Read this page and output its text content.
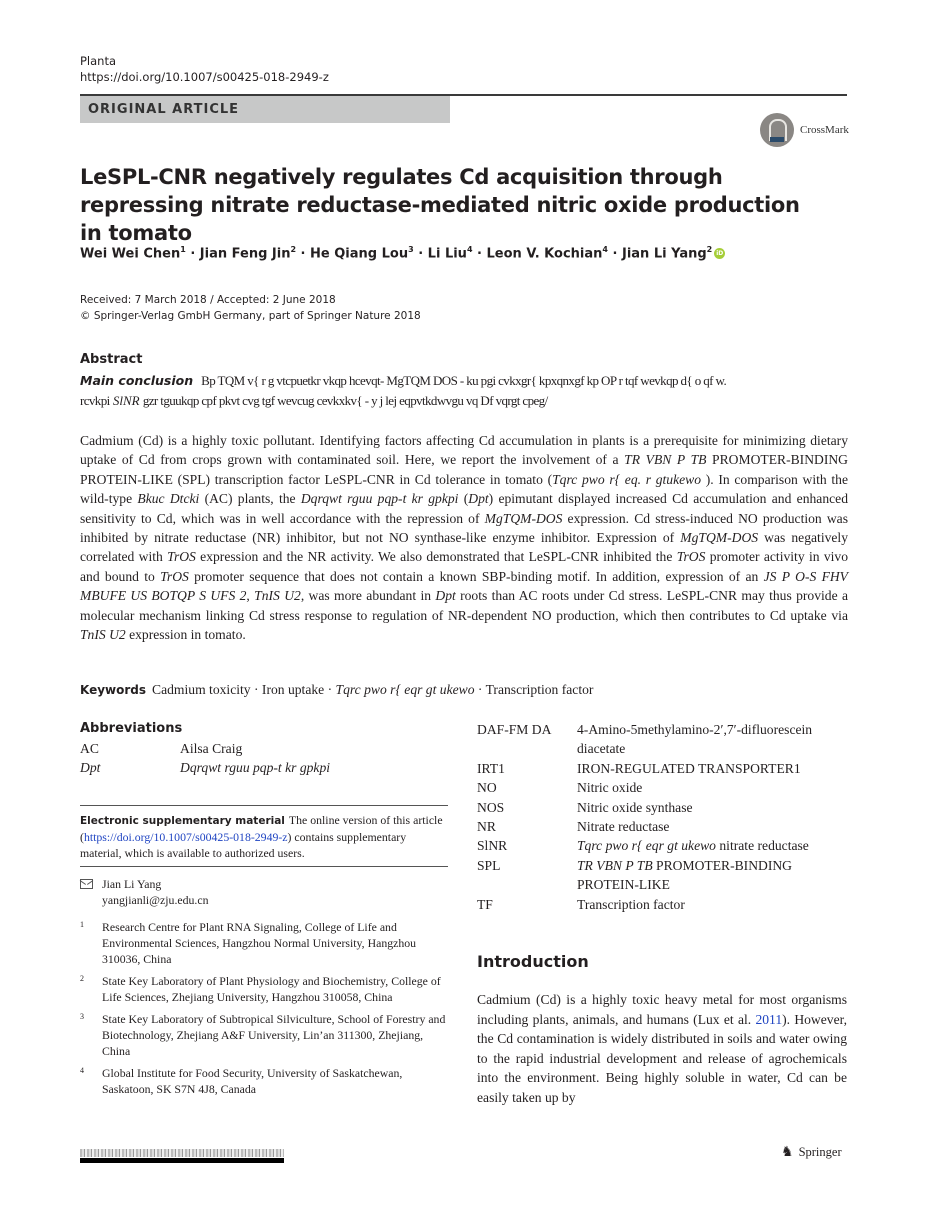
Planta
https://doi.org/10.1007/s00425-018-2949-z
ORIGINAL ARTICLE
CrossMark
LeSPL-CNR negatively regulates Cd acquisition through repressing nitrate reductase-mediated nitric oxide production in tomato
Wei Wei Chen$^1$ · Jian Feng Jin$^2$ · He Qiang Lou$^3$ · Li Liu$^4$ · Leon V. Kochian$^4$ · Jian Li Yang$^2$ iD
Received: 7 March 2018 / Accepted: 2 June 2018
© Springer-Verlag GmbH Germany, part of Springer Nature 2018
Abstract
Main conclusion Bp TQM v{ r g vtcpuetkr vkqp hcevqt- MgTQM DOS - ku pgi cvkxgr{ kpxqnxgf kp OP r tqf wevkqp d{ o qf w.
rcvkpi SlNR gzr tguukqp cpf pkvt cvg tgf wevcug cevkxkv{ - y j lej eqpvtkdwvgu vq Df vqrgt cpeg/

Cadmium (Cd) is a highly toxic pollutant. Identifying factors affecting Cd accumulation in plants is a prerequisite for minimizing dietary uptake of Cd from crops grown with contaminated soil. Here, we report the involvement of a TR VBN P TB PROMOTER-BINDING PROTEIN-LIKE (SPL) transcription factor LeSPL-CNR in Cd tolerance in tomato (Tqrc pwo r{ eq. r gtukewo ). In comparison with the wild-type Bkuc Dtcki (AC) plants, the Dqrqwt rguu pqp-t kr gpkpi (Dpt) epimutant displayed increased Cd accumulation and enhanced sensitivity to Cd, which was in well accordance with the repression of MgTQM-DOS expression. Cd stress-induced NO production was inhibited by nitrate reductase (NR) inhibitor, but not NO synthase-like enzyme inhibitor. Expression of MgTQM-DOS was negatively correlated with TrOS expression and the NR activity. We also demonstrated that LeSPL-CNR inhibited the TrOS promoter activity in vivo and bound to TrOS promoter sequence that does not contain a known SBP-binding motif. In addition, expression of an JS P O-S FHV MBUFE US BOTQP S UFS 2, TnIS U2, was more abundant in Dpt roots than AC roots under Cd stress. LeSPL-CNR may thus provide a molecular mechanism linking Cd stress response to regulation of NR-dependent NO production, which then contributes to Cd uptake via TnIS U2 expression in tomato.

Keywords Cadmium toxicity · Iron uptake · Tqrc pwo r{ eqr gt ukewo · Transcription factor
Abbreviations
AC	Ailsa Craig
Dpt	Dqrqwt rguu pqp-t kr gpkpi
DAF-FM DA	4-Amino-5methylamino-2′,7′-difluorescein diacetate
IRT1	IRON-REGULATED TRANSPORTER1
NO	Nitric oxide
NOS	Nitric oxide synthase
NR	Nitrate reductase
SlNR	Tqrc pwo r{ eqr gt ukewo nitrate reductase
SPL	TR VBN P TB PROMOTER-BINDING PROTEIN-LIKE
TF	Transcription factor
Electronic supplementary material The online version of this article (https://doi.org/10.1007/s00425-018-2949-z) contains supplementary material, which is available to authorized users.
Jian Li Yang
yangjianli@zju.edu.cn
1 Research Centre for Plant RNA Signaling, College of Life and Environmental Sciences, Hangzhou Normal University, Hangzhou 310036, China
2 State Key Laboratory of Plant Physiology and Biochemistry, College of Life Sciences, Zhejiang University, Hangzhou 310058, China
3 State Key Laboratory of Subtropical Silviculture, School of Forestry and Biotechnology, Zhejiang A&F University, Lin’an 311300, Zhejiang, China
4 Global Institute for Food Security, University of Saskatchewan, Saskatoon, SK S7N 4J8, Canada
Introduction
Cadmium (Cd) is a highly toxic heavy metal for most organisms including plants, animals, and humans (Lux et al. 2011). However, the Cd contamination is widely distributed in soils and water owing to the rapid industrial development and release of agrochemicals into the environment. Being highly soluble in water, Cd can be easily taken up by
♞ Springer
